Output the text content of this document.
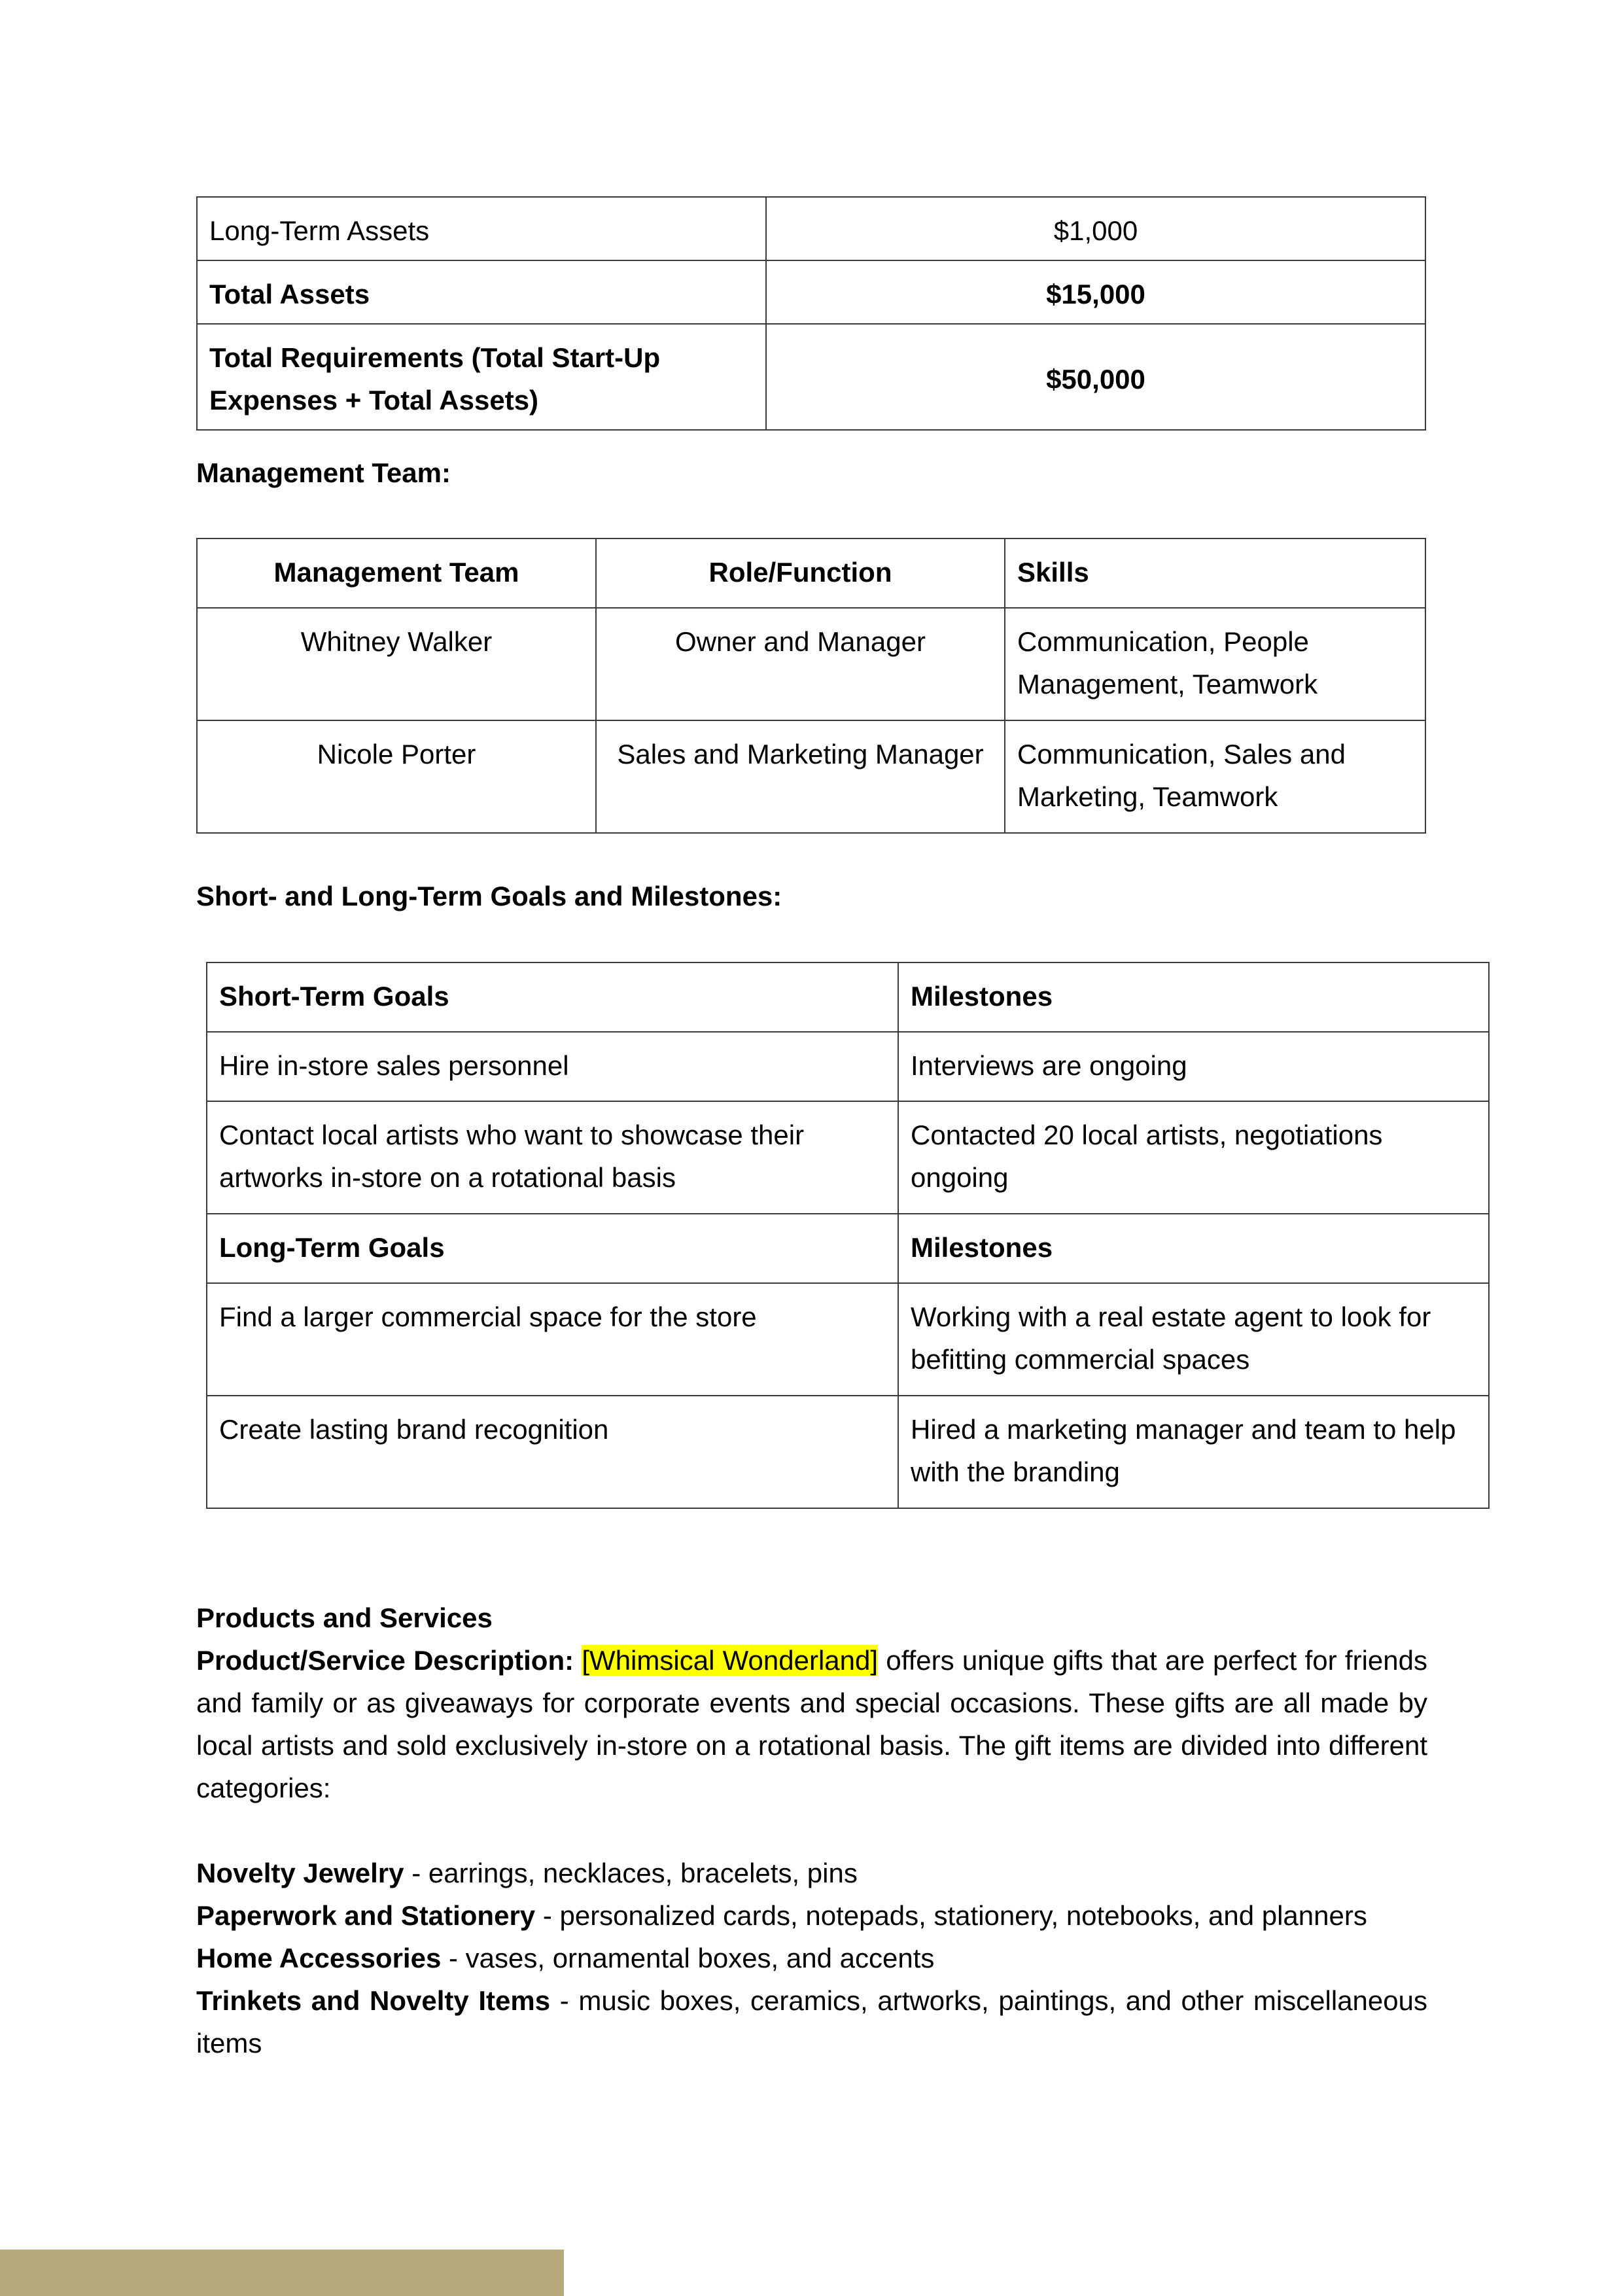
Long-Term Assets	$1,000
Total Assets	$15,000
Total Requirements (Total Start-Up Expenses + Total Assets)	$50,000
Management Team:
Management Team	Role/Function	Skills
Whitney Walker	Owner and Manager	Communication, People Management, Teamwork
Nicole Porter	Sales and Marketing Manager	Communication, Sales and Marketing, Teamwork
Short- and Long-Term Goals and Milestones:
Short-Term Goals	Milestones
Hire in-store sales personnel	Interviews are ongoing
Contact local artists who want to showcase their artworks in-store on a rotational basis	Contacted 20 local artists, negotiations ongoing
Long-Term Goals	Milestones
Find a larger commercial space for the store	Working with a real estate agent to look for befitting commercial spaces
Create lasting brand recognition	Hired a marketing manager and team to help with the branding

Products and Services

Product/Service Description: [Whimsical Wonderland] offers unique gifts that are perfect for friends and family or as giveaways for corporate events and special occasions. These gifts are all made by local artists and sold exclusively in-store on a rotational basis. The gift items are divided into different categories:

Novelty Jewelry - earrings, necklaces, bracelets, pins

Paperwork and Stationery - personalized cards, notepads, stationery, notebooks, and planners

Home Accessories - vases, ornamental boxes, and accents

Trinkets and Novelty Items - music boxes, ceramics, artworks, paintings, and other miscellaneous items
